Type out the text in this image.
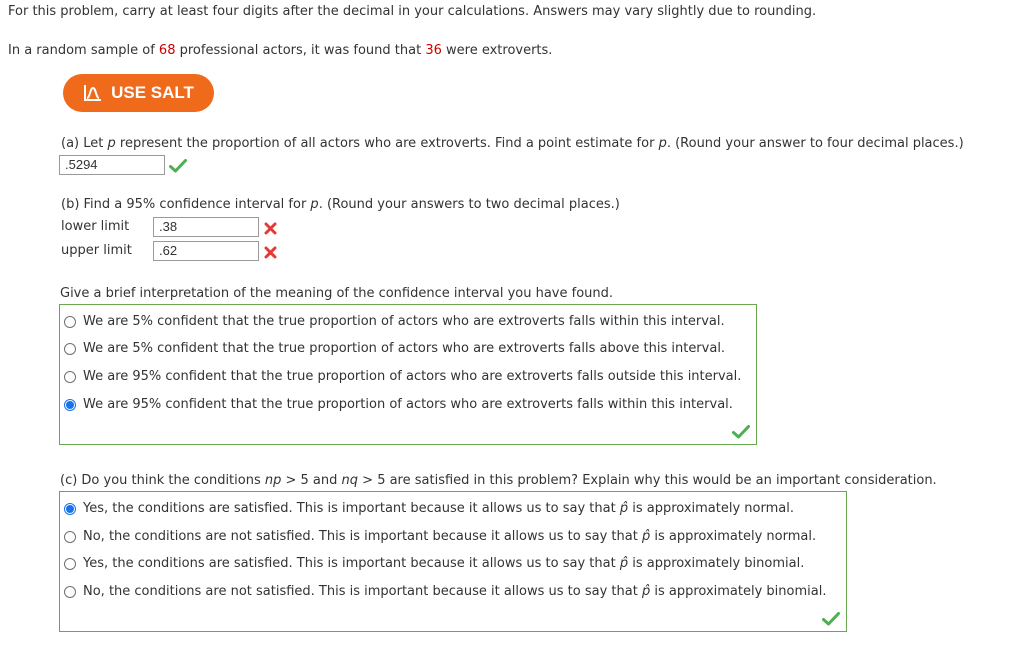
For this problem, carry at least four digits after the decimal in your calculations. Answers may vary slightly due to rounding.
In a random sample of 68 professional actors, it was found that 36 were extroverts.
USE SALT
(a) Let p represent the proportion of all actors who are extroverts. Find a point estimate for p. (Round your answer to four decimal places.)
.5294
(b) Find a 95% confidence interval for p. (Round your answers to two decimal places.)
lower limit	.38
upper limit	.62
Give a brief interpretation of the meaning of the confidence interval you have found.
We are 5% confident that the true proportion of actors who are extroverts falls within this interval.
We are 5% confident that the true proportion of actors who are extroverts falls above this interval.
We are 95% confident that the true proportion of actors who are extroverts falls outside this interval.
We are 95% confident that the true proportion of actors who are extroverts falls within this interval.
(c) Do you think the conditions np > 5 and nq > 5 are satisfied in this problem? Explain why this would be an important consideration.
Yes, the conditions are satisfied. This is important because it allows us to say that p̂ is approximately normal.
No, the conditions are not satisfied. This is important because it allows us to say that p̂ is approximately normal.
Yes, the conditions are satisfied. This is important because it allows us to say that p̂ is approximately binomial.
No, the conditions are not satisfied. This is important because it allows us to say that p̂ is approximately binomial.
